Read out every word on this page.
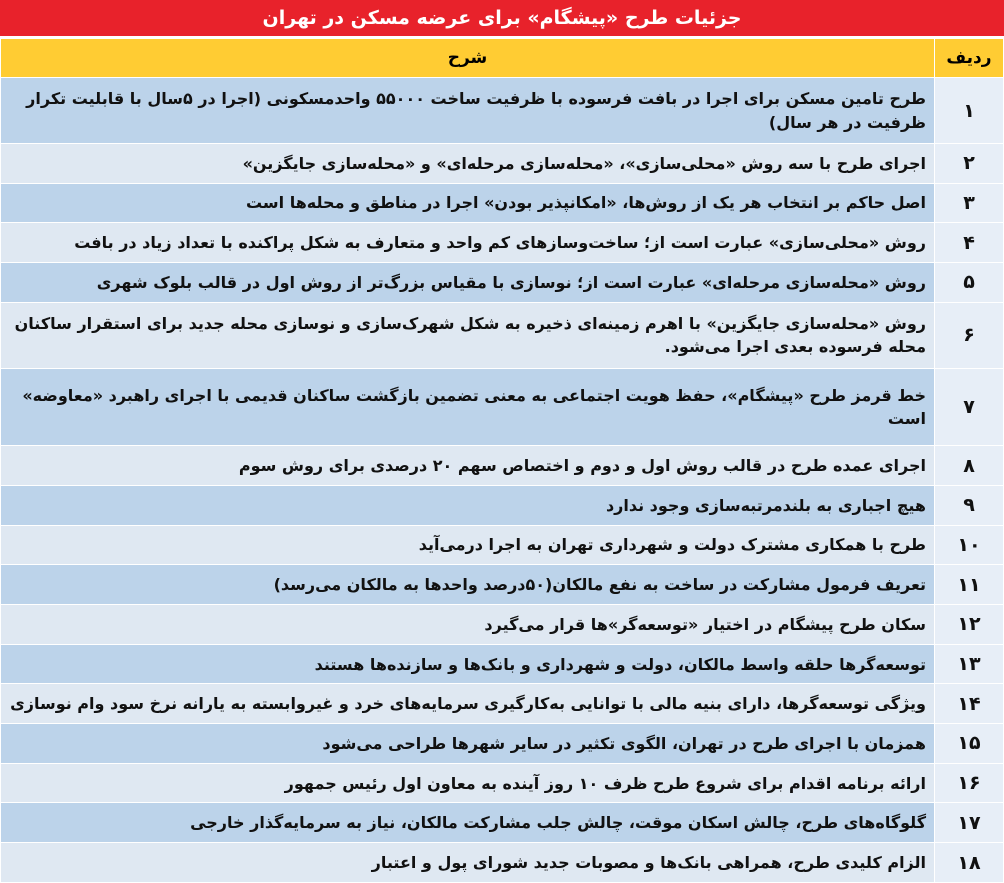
جزئیات طرح «پیشگام» برای عرضه مسکن در تهران
ردیف	شرح
۱	طرح تامین مسکن برای اجرا در بافت فرسوده با ظرفیت ساخت ۵۵۰۰۰ واحدمسکونی (اجرا در ۵سال با قابلیت تکرار ظرفیت در هر سال)
۲	اجرای طرح با سه روش «محلی‌سازی»، «محله‌سازی مرحله‌ای» و «محله‌سازی جایگزین»
۳	اصل حاکم بر انتخاب هر یک از روش‌ها، «امکانپذیر بودن» اجرا در مناطق و محله‌ها است
۴	روش «محلی‌سازی» عبارت است از؛ ساخت‌وسازهای کم واحد و متعارف به شکل پراکنده با تعداد زیاد در بافت
۵	روش «محله‌سازی مرحله‌ای» عبارت است از؛ نوسازی با مقیاس بزرگ‌تر از روش اول در قالب بلوک شهری
۶	روش «محله‌سازی جایگزین» با اهرم زمینه‌ای ذخیره به شکل شهرک‌سازی و نوسازی محله جدید برای استقرار ساکنان محله فرسوده بعدی اجرا می‌شود.
۷	خط قرمز طرح «پیشگام»، حفظ هویت اجتماعی به معنی تضمین بازگشت ساکنان قدیمی با اجرای راهبرد «معاوضه» است
۸	اجرای عمده طرح در قالب روش اول و دوم و اختصاص سهم ۲۰ درصدی برای روش سوم
۹	هیچ اجباری به بلندمرتبه‌سازی وجود ندارد
۱۰	طرح با همکاری مشترک دولت و شهرداری تهران به اجرا درمی‌آید
۱۱	تعریف فرمول مشارکت در ساخت به نفع مالکان(۵۰درصد واحدها به مالکان می‌رسد)
۱۲	سکان طرح پیشگام در اختیار «توسعه‌گر»ها قرار می‌گیرد
۱۳	توسعه‌گرها حلقه واسط مالکان، دولت و شهرداری و بانک‌ها و سازنده‌ها هستند
۱۴	ویژگی توسعه‌گرها، دارای بنیه مالی با توانایی به‌کارگیری سرمایه‌های خرد و غیروابسته به یارانه نرخ سود وام نوسازی
۱۵	همزمان با اجرای طرح در تهران، الگوی تکثیر در سایر شهرها طراحی می‌شود
۱۶	ارائه برنامه اقدام برای شروع طرح ظرف ۱۰ روز آینده به معاون اول رئیس جمهور
۱۷	گلوگاه‌های طرح، چالش اسکان موقت، چالش جلب مشارکت مالکان، نیاز به سرمایه‌گذار خارجی
۱۸	الزام کلیدی طرح، همراهی بانک‌ها و مصوبات جدید شورای پول و اعتبار
